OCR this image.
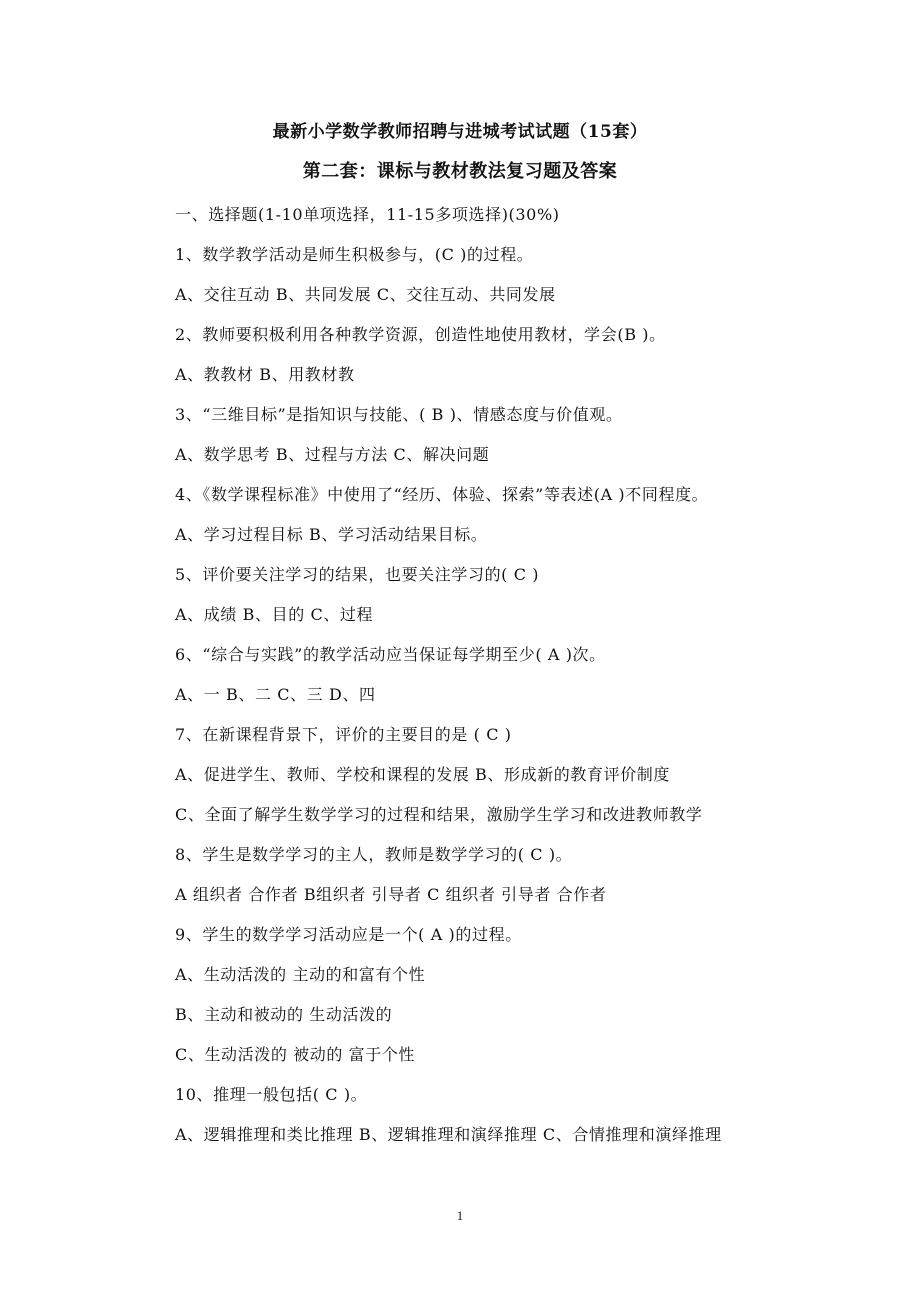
最新小学数学教师招聘与进城考试试题（15套）
第二套：课标与教材教法复习题及答案
一、选择题(1-10单项选择，11-15多项选择)(30%)
1、数学教学活动是师生积极参与，(C )的过程。
A、交往互动 B、共同发展 C、交往互动、共同发展
2、教师要积极利用各种教学资源，创造性地使用教材，学会(B )。
A、教教材 B、用教材教
3、“三维目标”是指知识与技能、( B )、情感态度与价值观。
A、数学思考 B、过程与方法 C、解决问题
4、《数学课程标准》中使用了“经历、体验、探索”等表述(A )不同程度。
A、学习过程目标 B、学习活动结果目标。
5、评价要关注学习的结果，也要关注学习的( C )
A、成绩 B、目的 C、过程
6、“综合与实践”的教学活动应当保证每学期至少( A )次。
A、一 B、二 C、三 D、四
7、在新课程背景下，评价的主要目的是 ( C )
A、促进学生、教师、学校和课程的发展 B、形成新的教育评价制度
C、全面了解学生数学学习的过程和结果，激励学生学习和改进教师教学
8、学生是数学学习的主人，教师是数学学习的( C )。
A 组织者 合作者 B组织者 引导者 C 组织者 引导者 合作者
9、学生的数学学习活动应是一个( A )的过程。
A、生动活泼的 主动的和富有个性
B、主动和被动的 生动活泼的
C、生动活泼的 被动的 富于个性
10、推理一般包括( C )。
A、逻辑推理和类比推理 B、逻辑推理和演绎推理 C、合情推理和演绎推理
1
